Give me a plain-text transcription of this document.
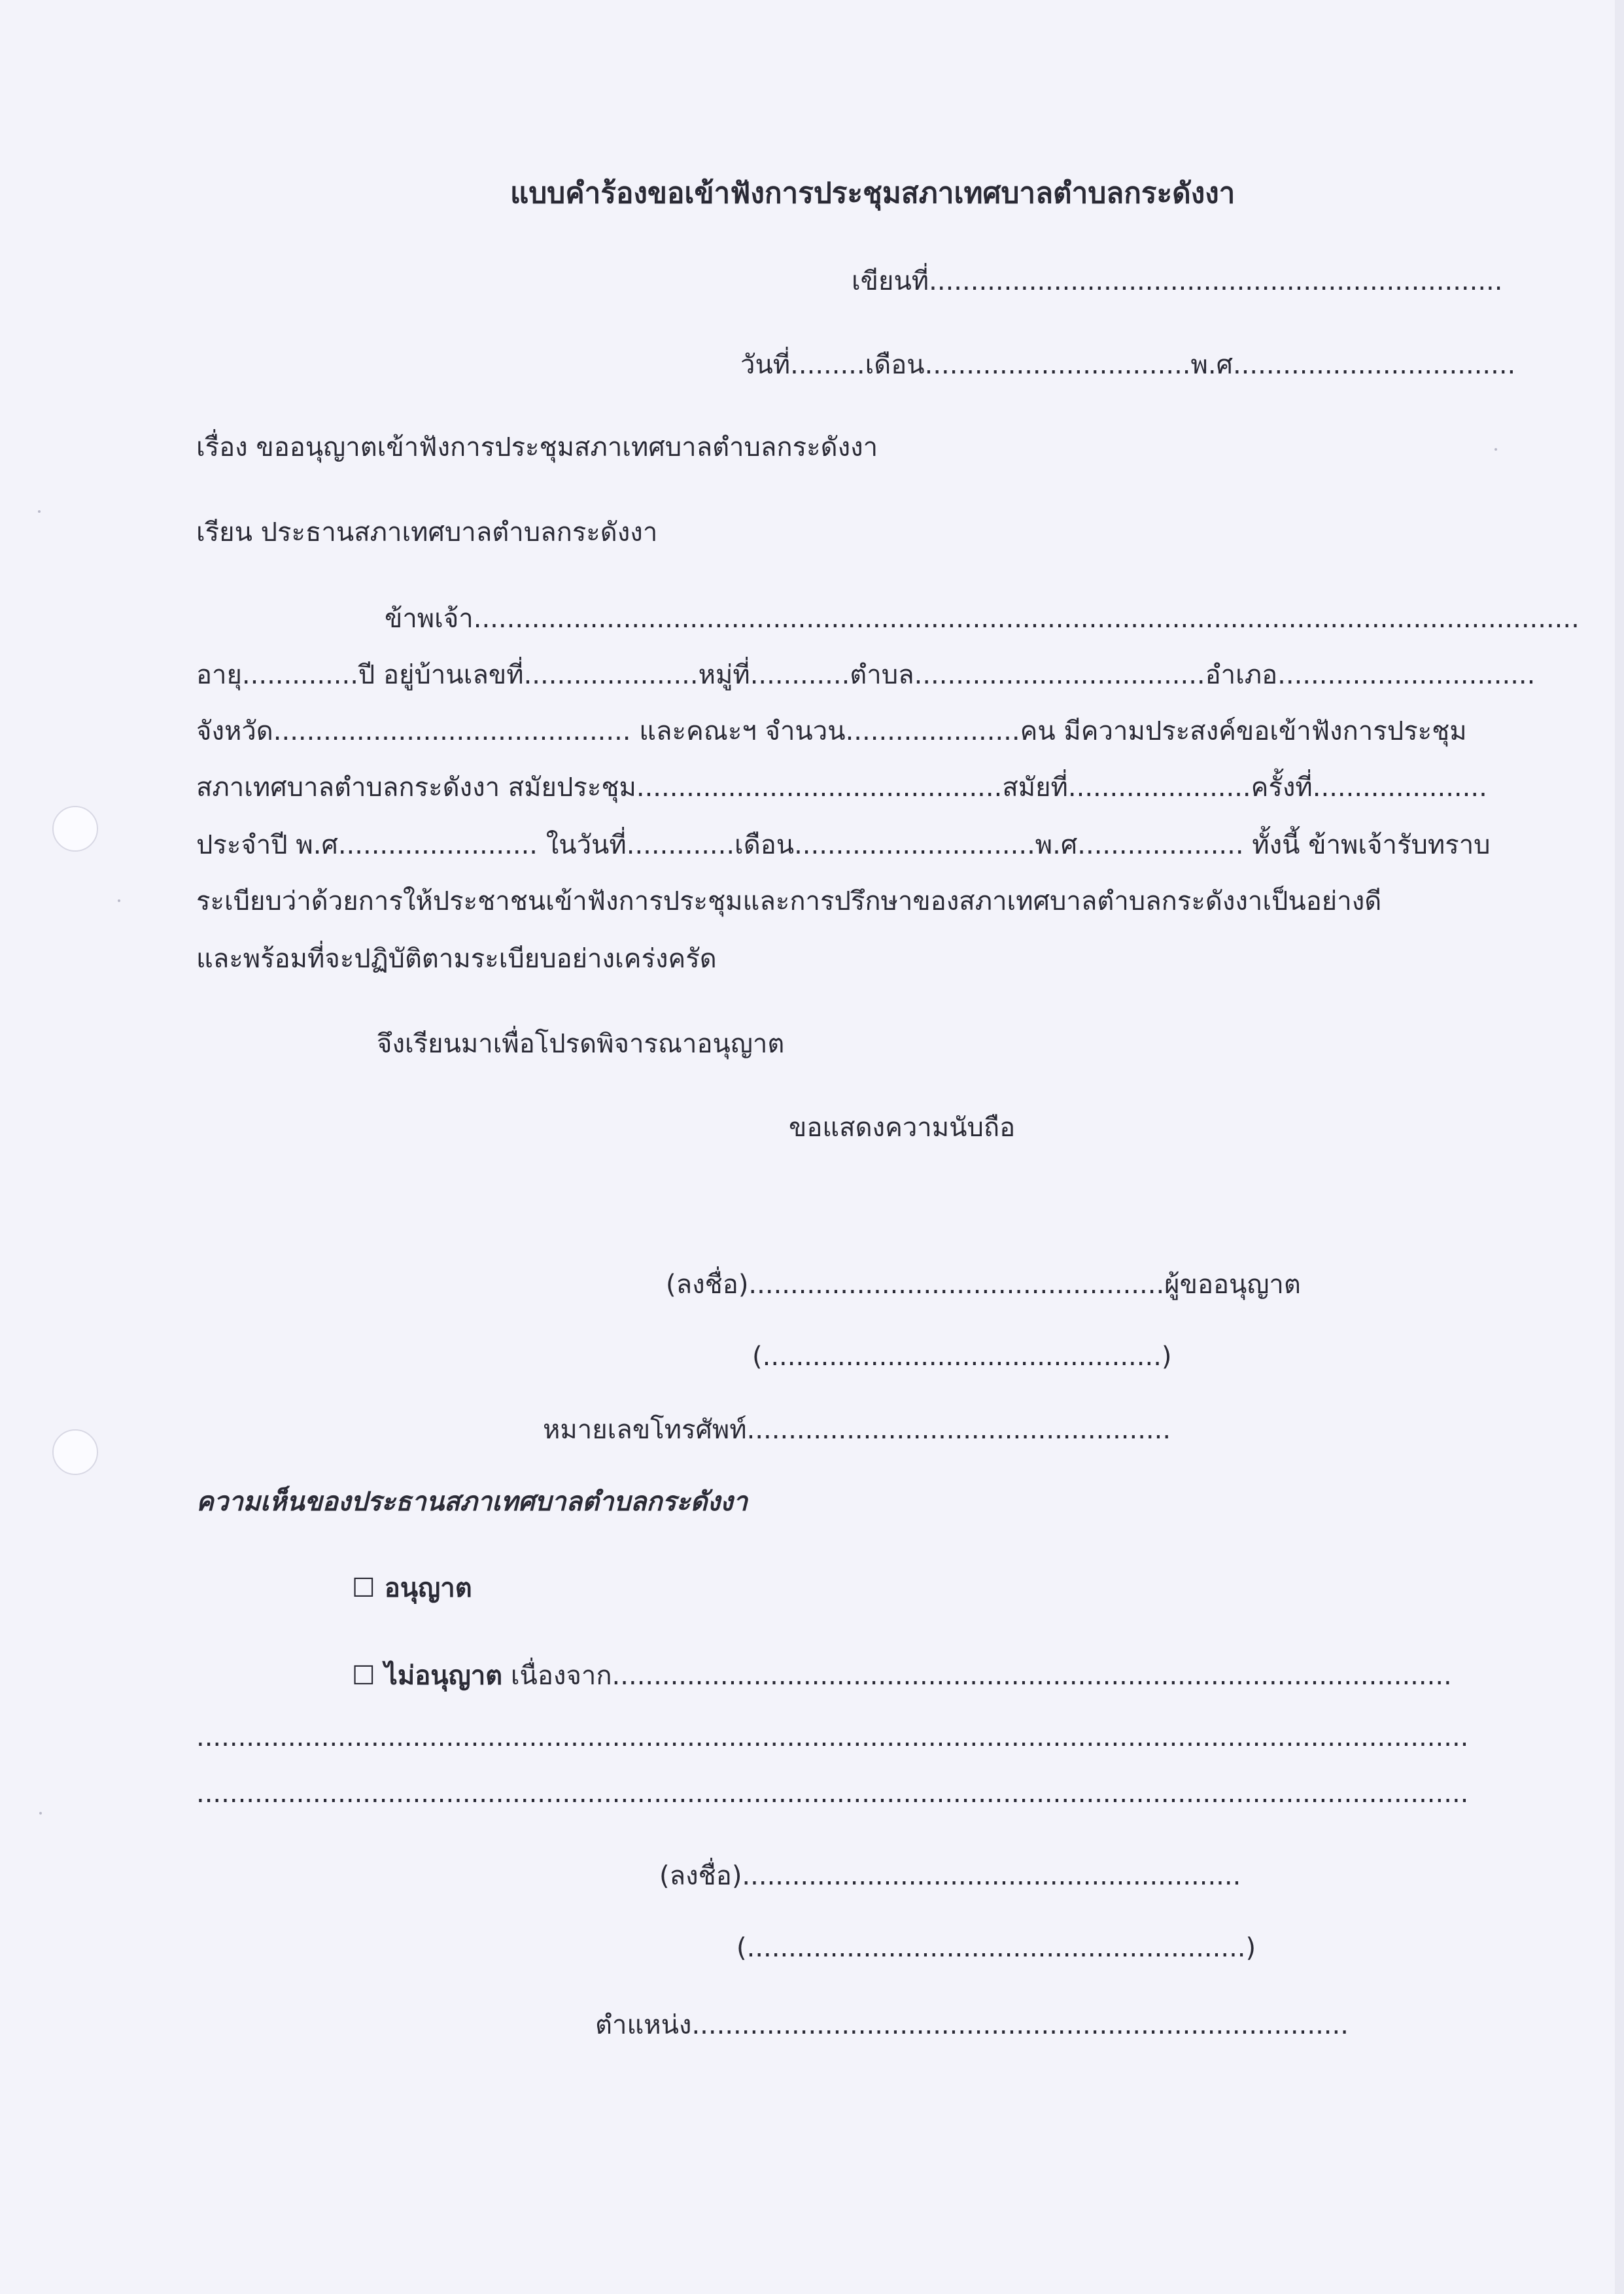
แบบคำร้องขอเข้าฟังการประชุมสภาเทศบาลตำบลกระดังงา
เขียนที่.....................................................................
วันที่.........เดือน................................พ.ศ..................................
เรื่อง ขออนุญาตเข้าฟังการประชุมสภาเทศบาลตำบลกระดังงา
เรียน ประธานสภาเทศบาลตำบลกระดังงา
ข้าพเจ้า.....................................................................................................................................
อายุ..............ปี อยู่บ้านเลขที่.....................หมู่ที่............ตำบล...................................อำเภอ...............................
จังหวัด........................................... และคณะฯ จำนวน.....................คน มีความประสงค์ขอเข้าฟังการประชุม
สภาเทศบาลตำบลกระดังงา สมัยประชุม............................................สมัยที่......................ครั้งที่.....................
ประจำปี พ.ศ........................ ในวันที่.............เดือน.............................พ.ศ.................... ทั้งนี้ ข้าพเจ้ารับทราบ
ระเบียบว่าด้วยการให้ประชาชนเข้าฟังการประชุมและการปรึกษาของสภาเทศบาลตำบลกระดังงาเป็นอย่างดี
และพร้อมที่จะปฏิบัติตามระเบียบอย่างเคร่งครัด
จึงเรียนมาเพื่อโปรดพิจารณาอนุญาต
ขอแสดงความนับถือ
(ลงชื่อ)..................................................ผู้ขออนุญาต
(................................................)
หมายเลขโทรศัพท์...................................................
ความเห็นของประธานสภาเทศบาลตำบลกระดังงา
☐ อนุญาต
☐ ไม่อนุญาต เนื่องจาก.....................................................................................................
.........................................................................................................................................................
.........................................................................................................................................................
(ลงชื่อ)............................................................
(............................................................)
ตำแหน่ง...............................................................................
